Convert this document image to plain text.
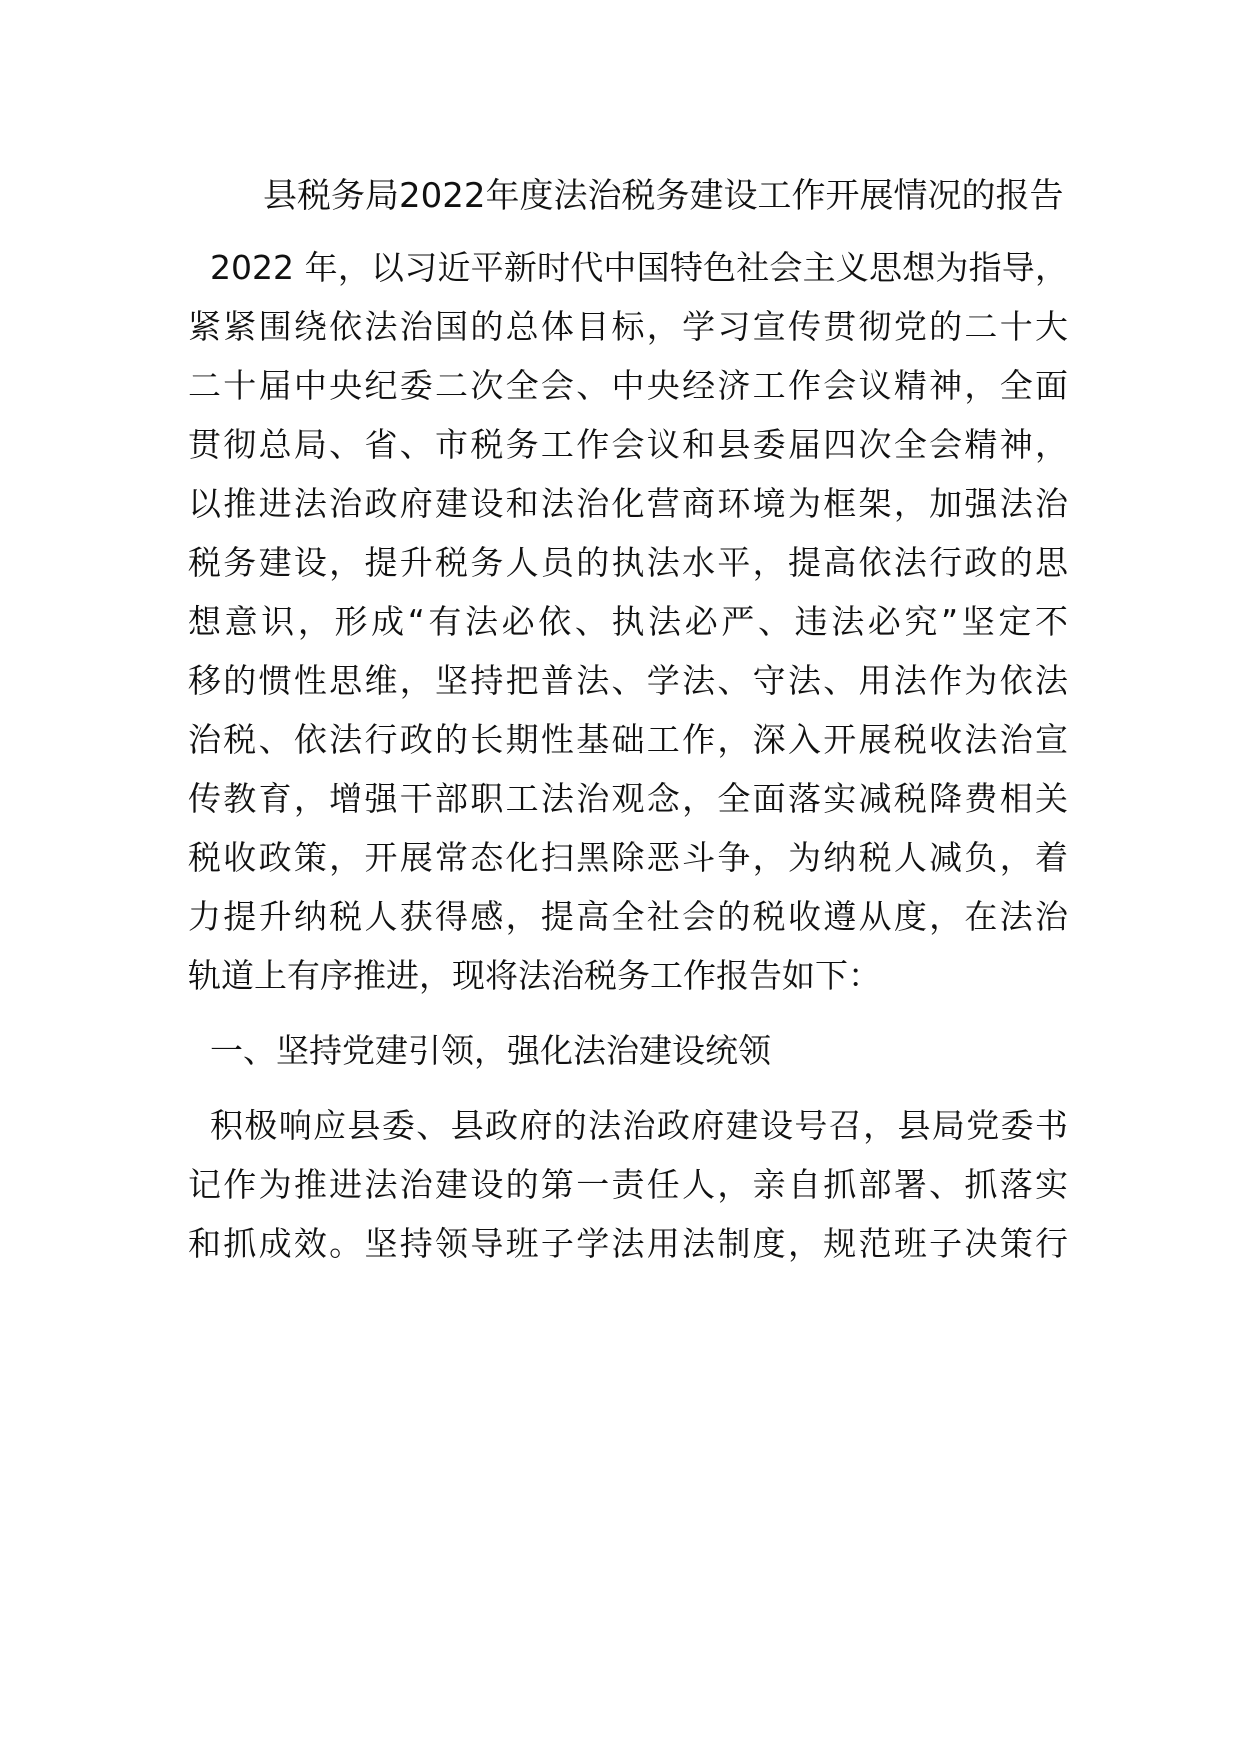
县税务局2022年度法治税务建设工作开展情况的报告

2022 年，以习近平新时代中国特色社会主义思想为指导，

紧紧围绕依法治国的总体目标，学习宣传贯彻党的二十大

二十届中央纪委二次全会、中央经济工作会议精神，全面

贯彻总局、省、市税务工作会议和县委届四次全会精神，

以推进法治政府建设和法治化营商环境为框架，加强法治

税务建设，提升税务人员的执法水平，提高依法行政的思

想意识，形成“有法必依、执法必严、违法必究”坚定不

移的惯性思维，坚持把普法、学法、守法、用法作为依法

治税、依法行政的长期性基础工作，深入开展税收法治宣

传教育，增强干部职工法治观念，全面落实减税降费相关

税收政策，开展常态化扫黑除恶斗争，为纳税人减负，着

力提升纳税人获得感，提高全社会的税收遵从度，在法治

轨道上有序推进，现将法治税务工作报告如下：

一、坚持党建引领，强化法治建设统领

积极响应县委、县政府的法治政府建设号召，县局党委书

记作为推进法治建设的第一责任人，亲自抓部署、抓落实

和抓成效。坚持领导班子学法用法制度，规范班子决策行
